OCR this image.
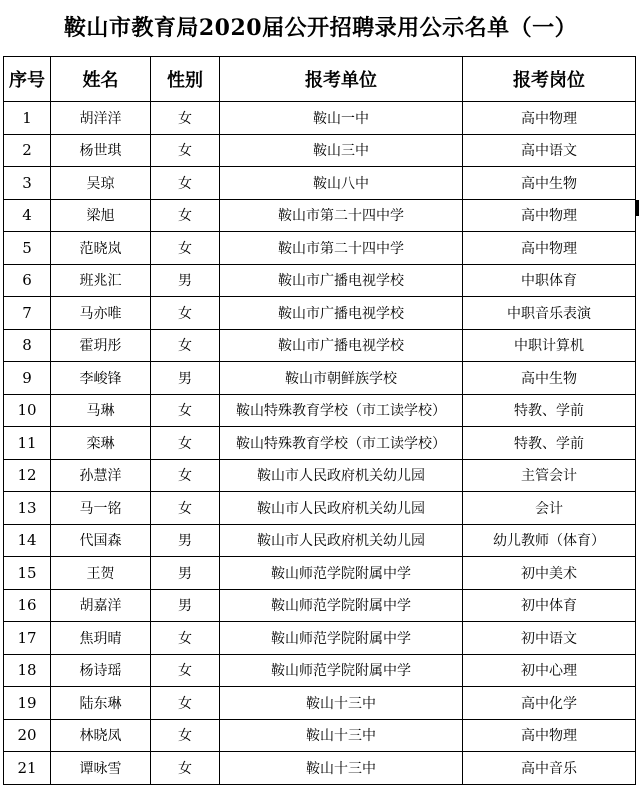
鞍山市教育局2020届公开招聘录用公示名单（一）
序号	姓名	性别	报考单位	报考岗位
1	胡洋洋	女	鞍山一中	高中物理
2	杨世琪	女	鞍山三中	高中语文
3	吴琼	女	鞍山八中	高中生物
4	梁旭	女	鞍山市第二十四中学	高中物理
5	范晓岚	女	鞍山市第二十四中学	高中物理
6	班兆汇	男	鞍山市广播电视学校	中职体育
7	马亦唯	女	鞍山市广播电视学校	中职音乐表演
8	霍玥彤	女	鞍山市广播电视学校	中职计算机
9	李峻锋	男	鞍山市朝鲜族学校	高中生物
10	马琳	女	鞍山特殊教育学校（市工读学校）	特教、学前
11	栾琳	女	鞍山特殊教育学校（市工读学校）	特教、学前
12	孙慧洋	女	鞍山市人民政府机关幼儿园	主管会计
13	马一铭	女	鞍山市人民政府机关幼儿园	会计
14	代国森	男	鞍山市人民政府机关幼儿园	幼儿教师（体育）
15	王贺	男	鞍山师范学院附属中学	初中美术
16	胡嘉洋	男	鞍山师范学院附属中学	初中体育
17	焦玥晴	女	鞍山师范学院附属中学	初中语文
18	杨诗瑶	女	鞍山师范学院附属中学	初中心理
19	陆东琳	女	鞍山十三中	高中化学
20	林晓凤	女	鞍山十三中	高中物理
21	谭咏雪	女	鞍山十三中	高中音乐
